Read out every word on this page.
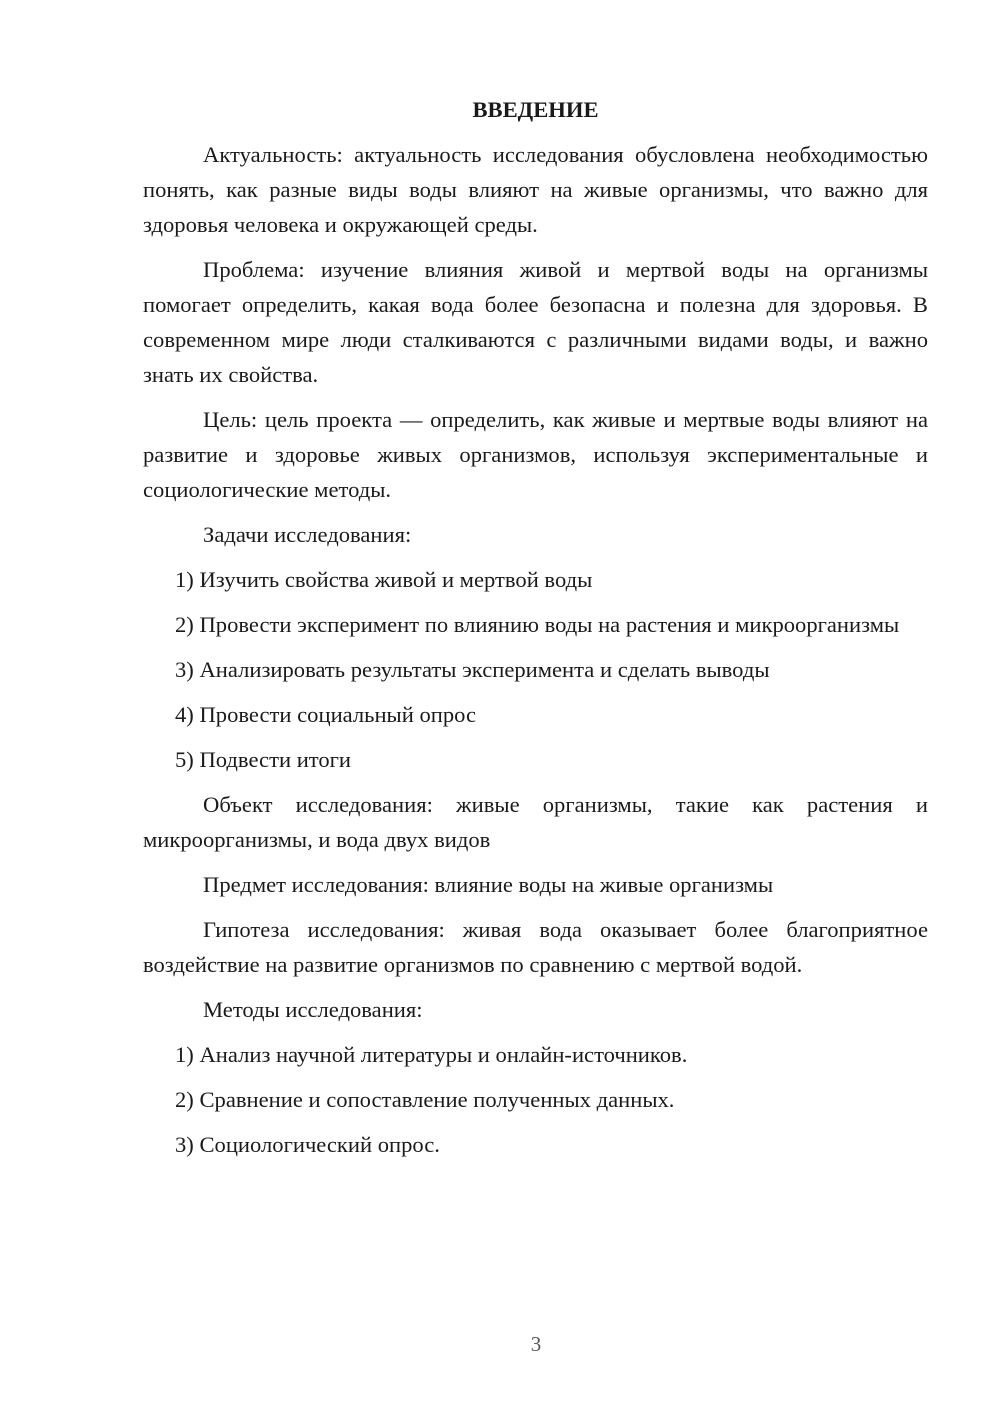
ВВЕДЕНИЕ

Актуальность: актуальность исследования обусловлена необходимостью понять, как разные виды воды влияют на живые организмы, что важно для здоровья человека и окружающей среды.

Проблема: изучение влияния живой и мертвой воды на организмы помогает определить, какая вода более безопасна и полезна для здоровья. В современном мире люди сталкиваются с различными видами воды, и важно знать их свойства.

Цель: цель проекта — определить, как живые и мертвые воды влияют на развитие и здоровье живых организмов, используя экспериментальные и социологические методы.

Задачи исследования:

1) Изучить свойства живой и мертвой воды

2) Провести эксперимент по влиянию воды на растения и микроорганизмы

3) Анализировать результаты эксперимента и сделать выводы

4) Провести социальный опрос

5) Подвести итоги

Объект исследования: живые организмы, такие как растения и микроорганизмы, и вода двух видов

Предмет исследования: влияние воды на живые организмы

Гипотеза исследования: живая вода оказывает более благоприятное воздействие на развитие организмов по сравнению с мертвой водой.

Методы исследования:

1) Анализ научной литературы и онлайн-источников.

2) Сравнение и сопоставление полученных данных.

3) Социологический опрос.

3
